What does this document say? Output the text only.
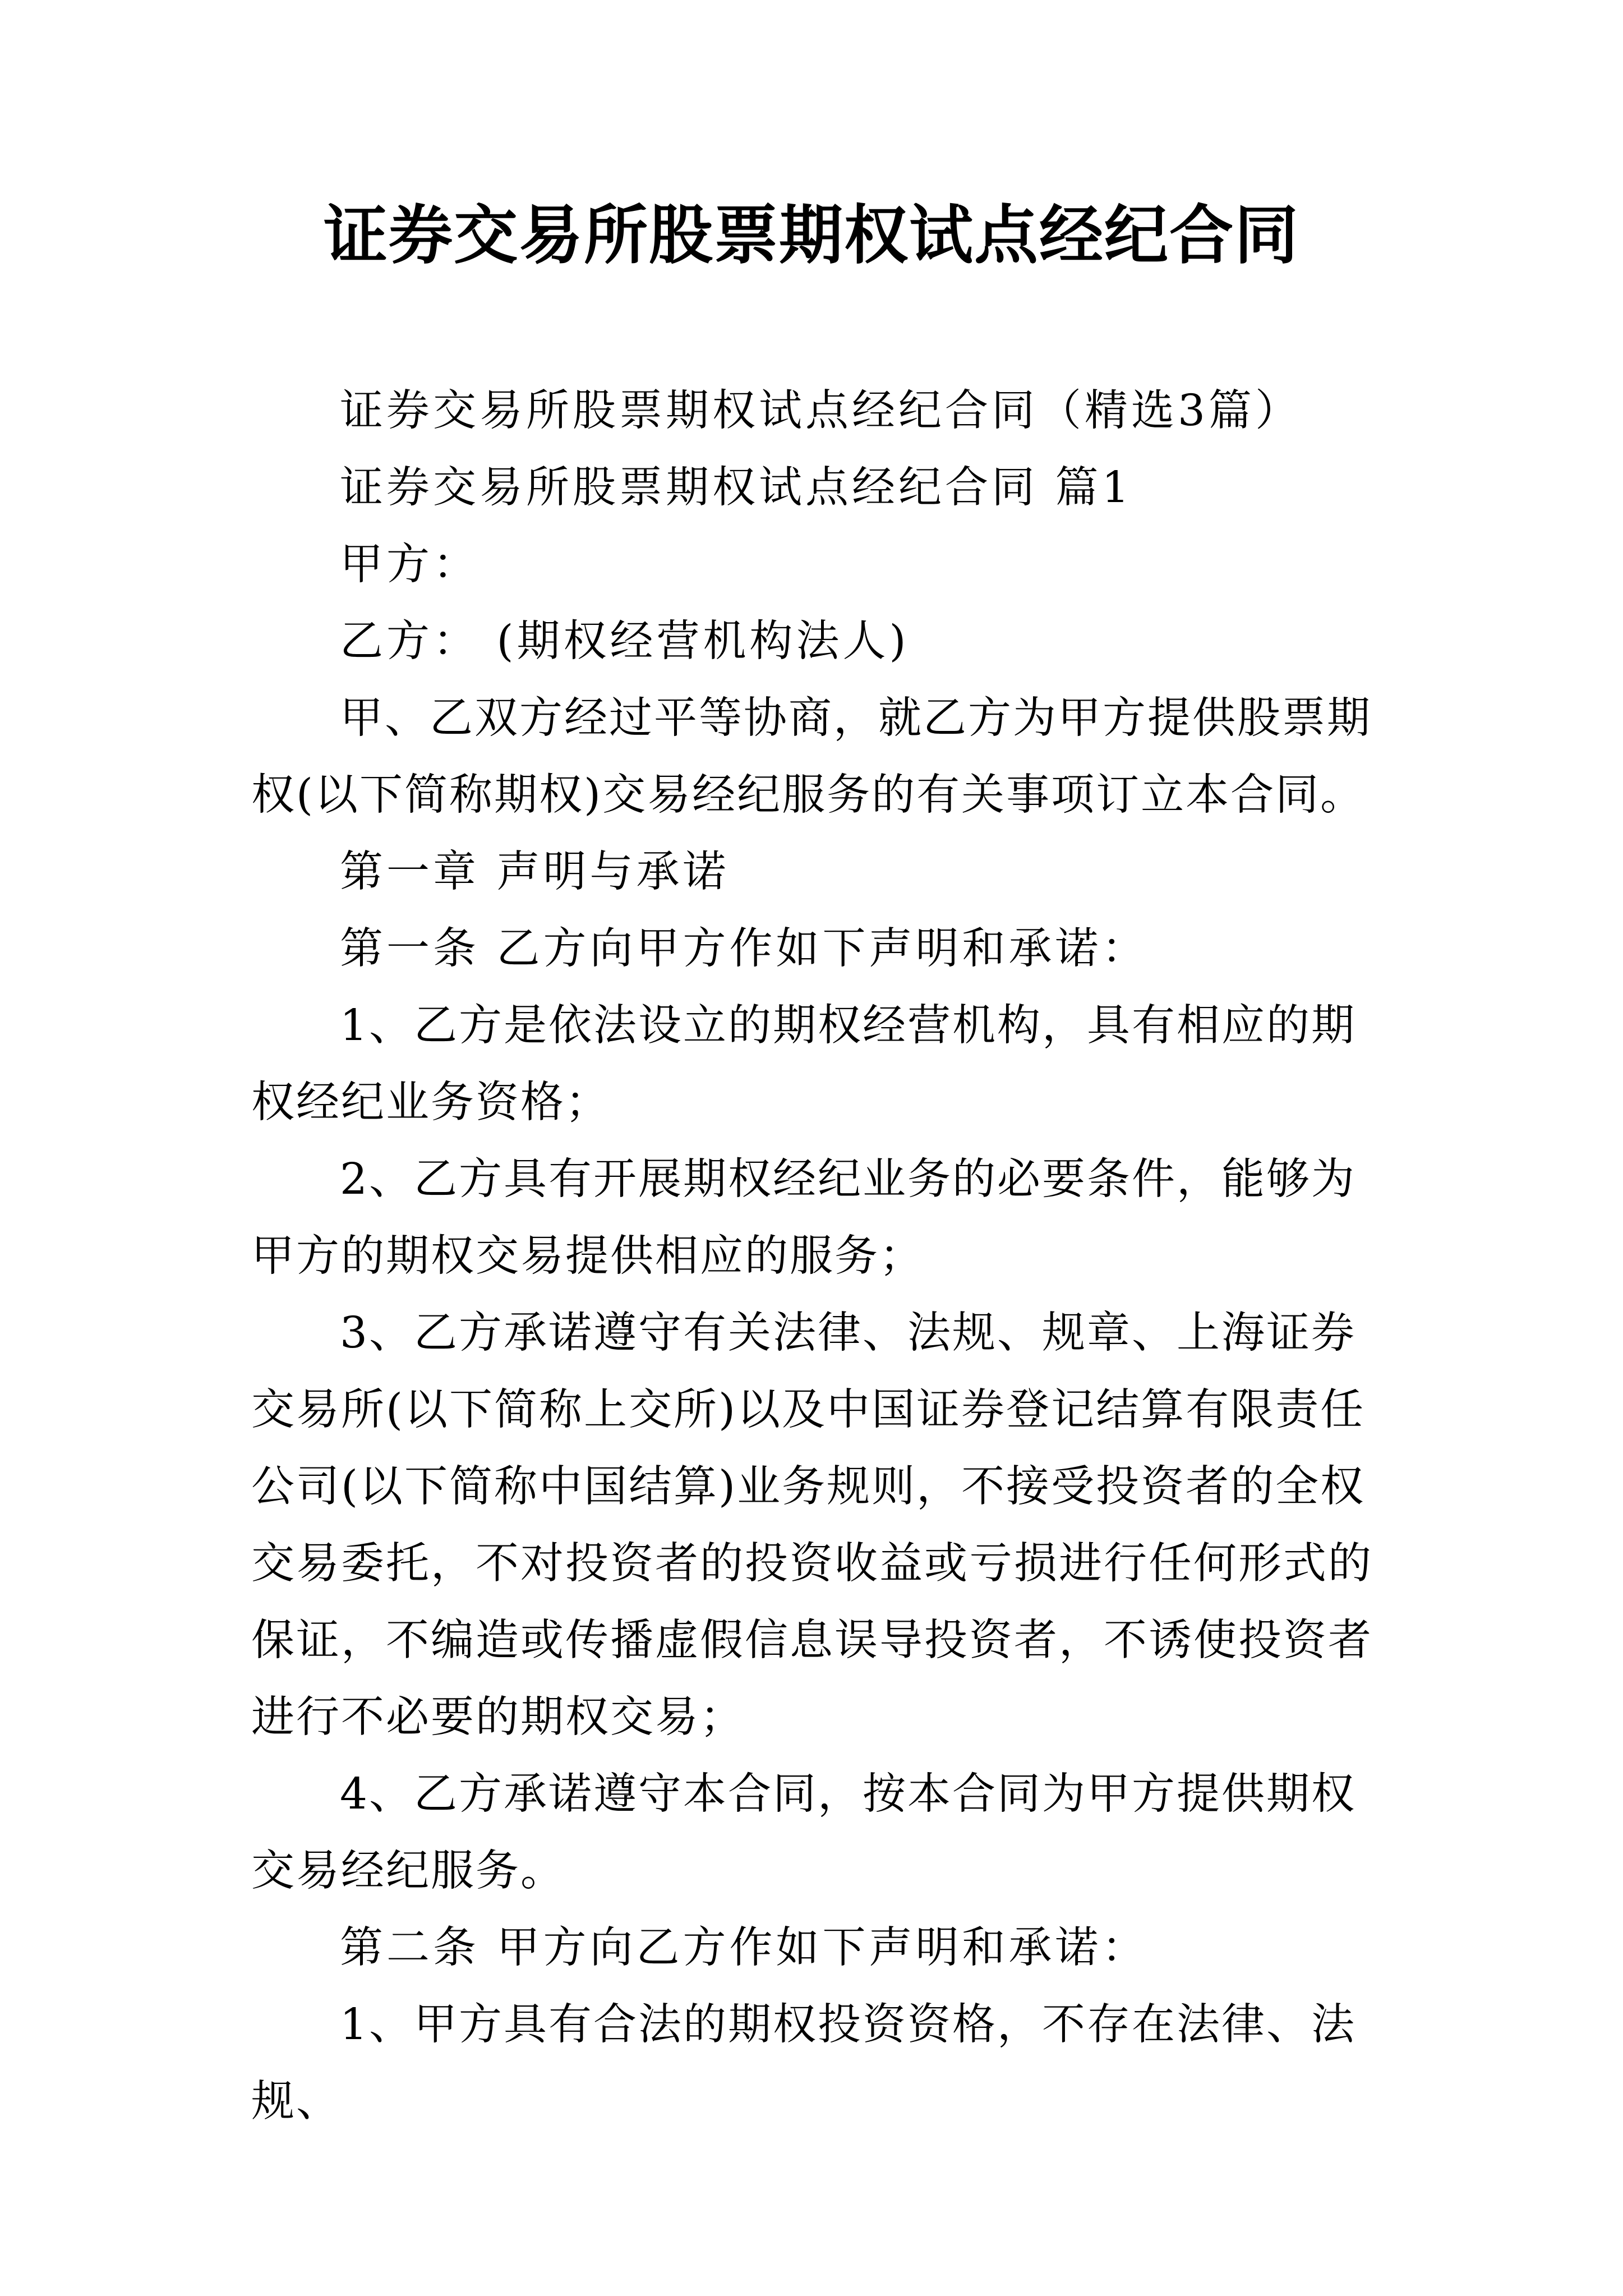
证券交易所股票期权试点经纪合同

证券交易所股票期权试点经纪合同（精选3篇）

证券交易所股票期权试点经纪合同 篇1

甲方：

乙方： (期权经营机构法人)

甲、乙双方经过平等协商，就乙方为甲方提供股票期权(以下简称期权)交易经纪服务的有关事项订立本合同。

第一章 声明与承诺

第一条 乙方向甲方作如下声明和承诺：

1、乙方是依法设立的期权经营机构，具有相应的期权经纪业务资格；

2、乙方具有开展期权经纪业务的必要条件，能够为甲方的期权交易提供相应的服务；

3、乙方承诺遵守有关法律、法规、规章、上海证券交易所(以下简称上交所)以及中国证券登记结算有限责任公司(以下简称中国结算)业务规则，不接受投资者的全权交易委托，不对投资者的投资收益或亏损进行任何形式的保证，不编造或传播虚假信息误导投资者，不诱使投资者进行不必要的期权交易；

4、乙方承诺遵守本合同，按本合同为甲方提供期权交易经纪服务。

第二条 甲方向乙方作如下声明和承诺：

1、甲方具有合法的期权投资资格，不存在法律、法规、
